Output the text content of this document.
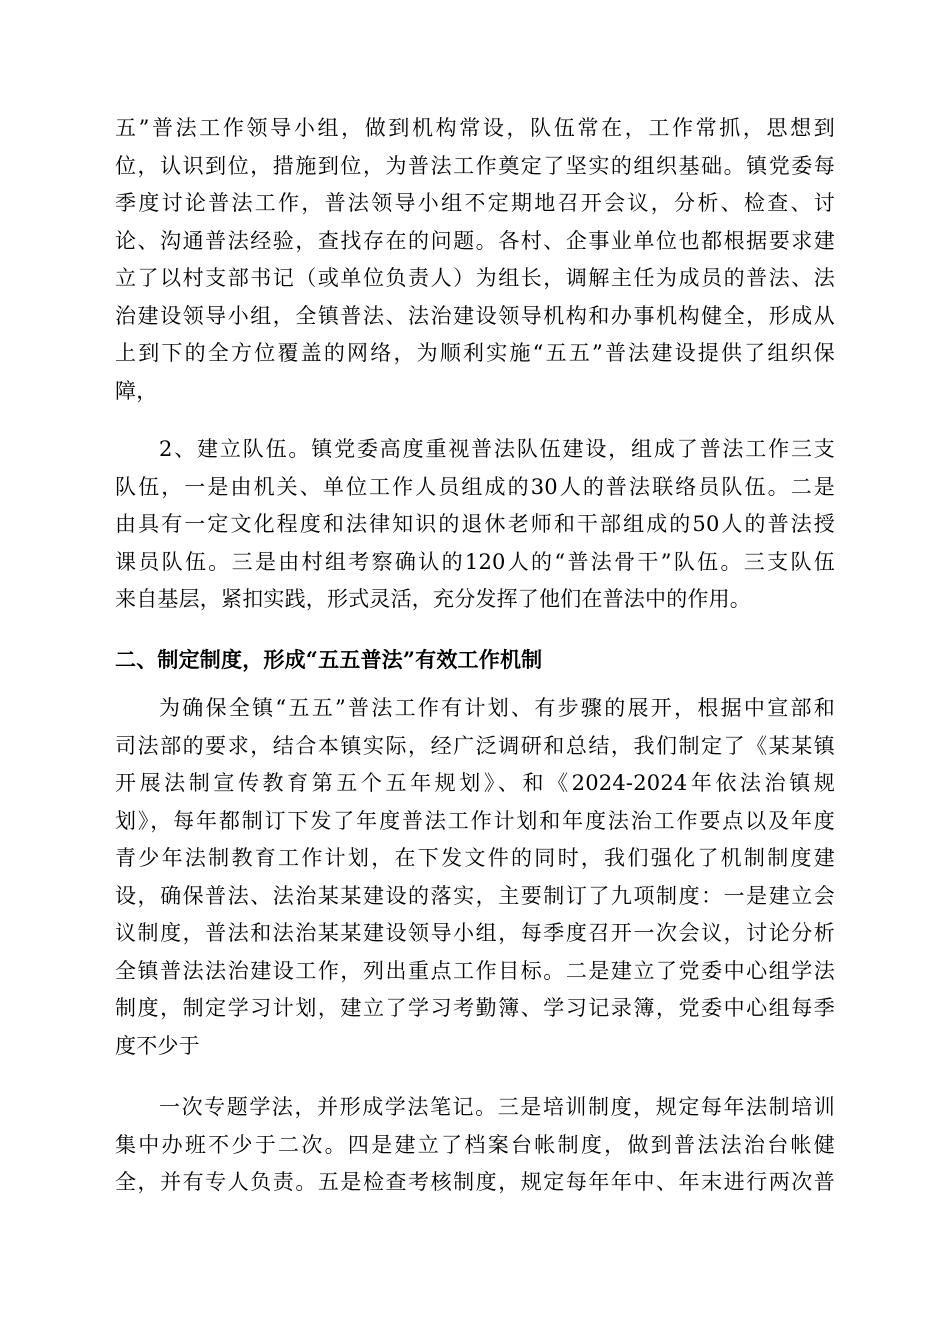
五”普法工作领导小组，做到机构常设，队伍常在，工作常抓，思想到
位，认识到位，措施到位，为普法工作奠定了坚实的组织基础。镇党委每
季度讨论普法工作，普法领导小组不定期地召开会议，分析、检查、讨
论、沟通普法经验，查找存在的问题。各村、企事业单位也都根据要求建
立了以村支部书记（或单位负责人）为组长，调解主任为成员的普法、法
治建设领导小组，全镇普法、法治建设领导机构和办事机构健全，形成从
上到下的全方位覆盖的网络，为顺利实施“五五”普法建设提供了组织保
障，
2、建立队伍。镇党委高度重视普法队伍建设，组成了普法工作三支
队伍，一是由机关、单位工作人员组成的30人的普法联络员队伍。二是
由具有一定文化程度和法律知识的退休老师和干部组成的50人的普法授
课员队伍。三是由村组考察确认的120人的“普法骨干”队伍。三支队伍
来自基层，紧扣实践，形式灵活，充分发挥了他们在普法中的作用。
二、制定制度，形成“五五普法”有效工作机制
为确保全镇“五五”普法工作有计划、有步骤的展开，根据中宣部和
司法部的要求，结合本镇实际，经广泛调研和总结，我们制定了《某某镇
开展法制宣传教育第五个五年规划》、和《2024-2024年依法治镇规
划》，每年都制订下发了年度普法工作计划和年度法治工作要点以及年度
青少年法制教育工作计划，在下发文件的同时，我们强化了机制制度建
设，确保普法、法治某某建设的落实，主要制订了九项制度：一是建立会
议制度，普法和法治某某建设领导小组，每季度召开一次会议，讨论分析
全镇普法法治建设工作，列出重点工作目标。二是建立了党委中心组学法
制度，制定学习计划，建立了学习考勤簿、学习记录簿，党委中心组每季
度不少于
一次专题学法，并形成学法笔记。三是培训制度，规定每年法制培训
集中办班不少于二次。四是建立了档案台帐制度，做到普法法治台帐健
全，并有专人负责。五是检查考核制度，规定每年年中、年末进行两次普
